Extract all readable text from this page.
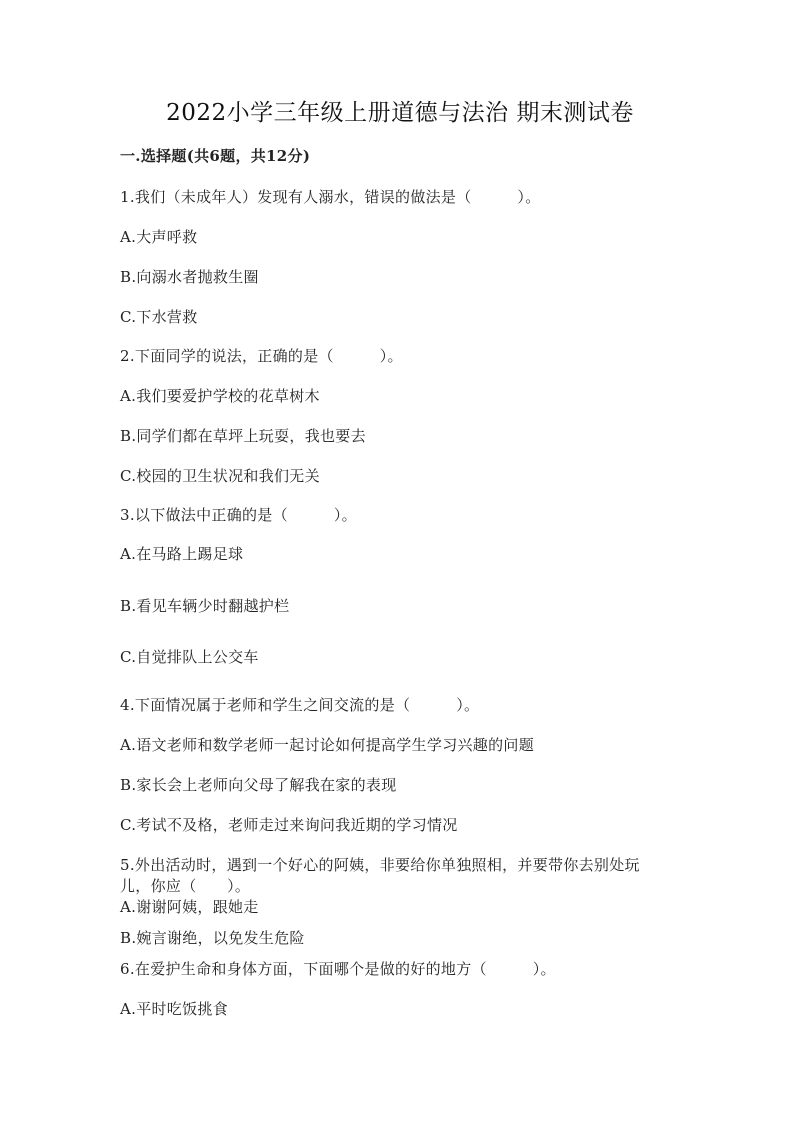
2022小学三年级上册道德与法治 期末测试卷
一.选择题(共6题，共12分)
1.我们（未成年人）发现有人溺水，错误的做法是（　　　）。
A.大声呼救
B.向溺水者抛救生圈
C.下水营救
2.下面同学的说法，正确的是（　　　）。
A.我们要爱护学校的花草树木
B.同学们都在草坪上玩耍，我也要去
C.校园的卫生状况和我们无关
3.以下做法中正确的是（　　　）。
A.在马路上踢足球
B.看见车辆少时翻越护栏
C.自觉排队上公交车
4.下面情况属于老师和学生之间交流的是（　　　）。
A.语文老师和数学老师一起讨论如何提高学生学习兴趣的问题
B.家长会上老师向父母了解我在家的表现
C.考试不及格，老师走过来询问我近期的学习情况
5.外出活动时，遇到一个好心的阿姨，非要给你单独照相，并要带你去别处玩
儿，你应（　　）。
A.谢谢阿姨，跟她走
B.婉言谢绝，以免发生危险
6.在爱护生命和身体方面，下面哪个是做的好的地方（　　　）。
A.平时吃饭挑食
